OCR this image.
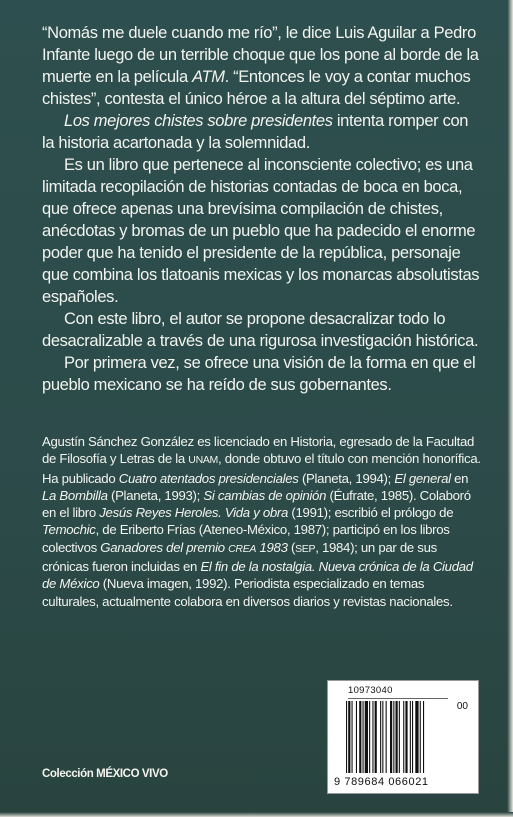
“Nomás me duele cuando me río”, le dice Luis Aguilar a Pedro Infante luego de un terrible choque que los pone al borde de la muerte en la película ATM. “Entonces le voy a contar muchos chistes”, contesta el único héroe a la altura del séptimo arte.

Los mejores chistes sobre presidentes intenta romper con la historia acartonada y la solemnidad.

Es un libro que pertenece al inconsciente colectivo; es una limitada recopilación de historias contadas de boca en boca, que ofrece apenas una brevísima compilación de chistes, anécdotas y bromas de un pueblo que ha padecido el enorme poder que ha tenido el presidente de la república, personaje que combina los tlatoanis mexicas y los monarcas absolutistas españoles.

Con este libro, el autor se propone desacralizar todo lo desacralizable a través de una rigurosa investigación histórica.

Por primera vez, se ofrece una visión de la forma en que el pueblo mexicano se ha reído de sus gobernantes.

Agustín Sánchez González es licenciado en Historia, egresado de la Facultad de Filosofía y Letras de la UNAM, donde obtuvo el título con mención honorífica. Ha publicado Cuatro atentados presidenciales (Planeta, 1994); El general en La Bombilla (Planeta, 1993); Si cambias de opinión (Éufrate, 1985). Colaboró en el libro Jesús Reyes Heroles. Vida y obra (1991); escribió el prólogo de Temochic, de Eriberto Frías (Ateneo-México, 1987); participó en los libros colectivos Ganadores del premio CREA 1983 (SEP, 1984); un par de sus crónicas fueron incluidas en El fin de la nostalgia. Nueva crónica de la Ciudad de México (Nueva imagen, 1992). Periodista especializado en temas culturales, actualmente colabora en diversos diarios y revistas nacionales.

Colección MÉXICO VIVO
10973040
00
9 789684 066021
